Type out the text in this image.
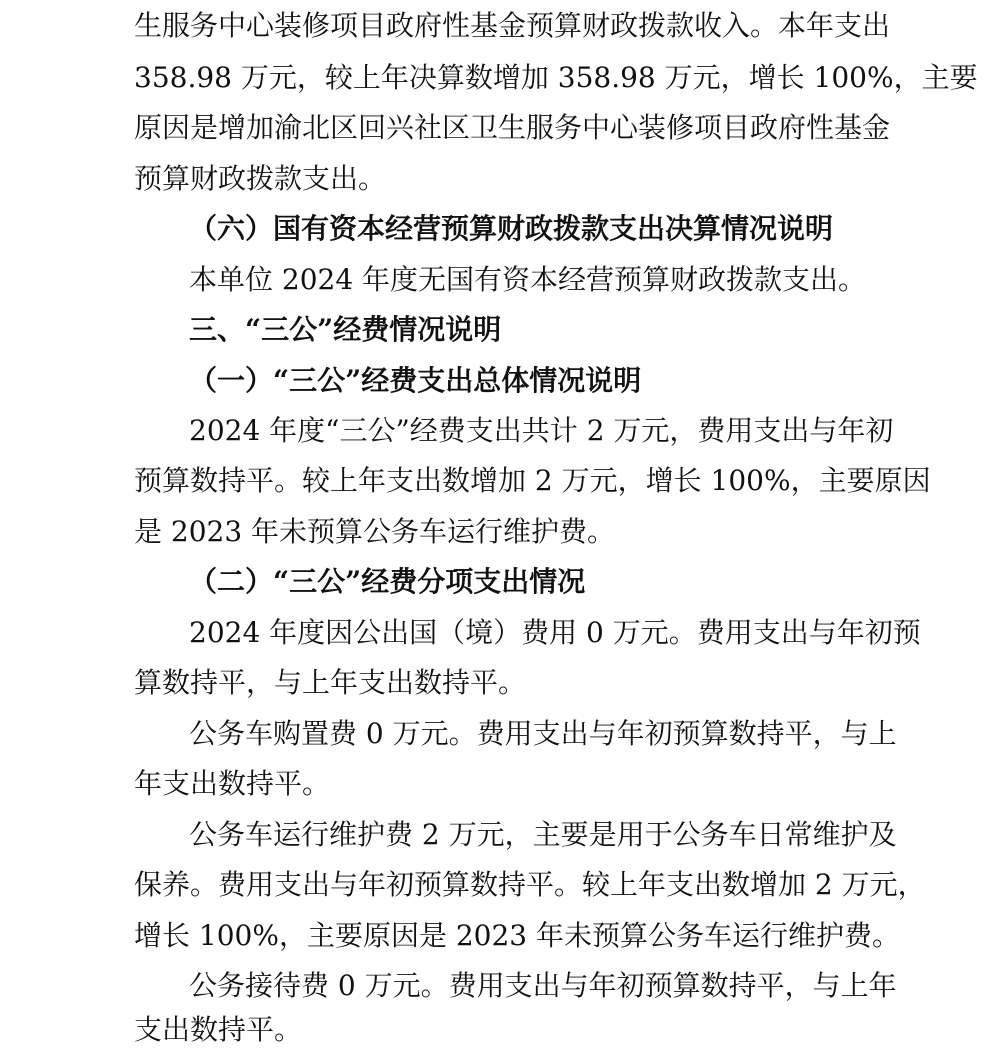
生服务中心装修项目政府性基金预算财政拨款收入。本年支出
358.98 万元，较上年决算数增加 358.98 万元，增长 100%，主要
原因是增加渝北区回兴社区卫生服务中心装修项目政府性基金
预算财政拨款支出。
（六）国有资本经营预算财政拨款支出决算情况说明
本单位 2024 年度无国有资本经营预算财政拨款支出。
三、“三公”经费情况说明
（一）“三公”经费支出总体情况说明
2024 年度“三公”经费支出共计 2 万元，费用支出与年初
预算数持平。较上年支出数增加 2 万元，增长 100%，主要原因
是 2023 年未预算公务车运行维护费。
（二）“三公”经费分项支出情况
2024 年度因公出国（境）费用 0 万元。费用支出与年初预
算数持平，与上年支出数持平。
公务车购置费 0 万元。费用支出与年初预算数持平，与上
年支出数持平。
公务车运行维护费 2 万元，主要是用于公务车日常维护及
保养。费用支出与年初预算数持平。较上年支出数增加 2 万元，
增长 100%，主要原因是 2023 年未预算公务车运行维护费。
公务接待费 0 万元。费用支出与年初预算数持平，与上年
支出数持平。
